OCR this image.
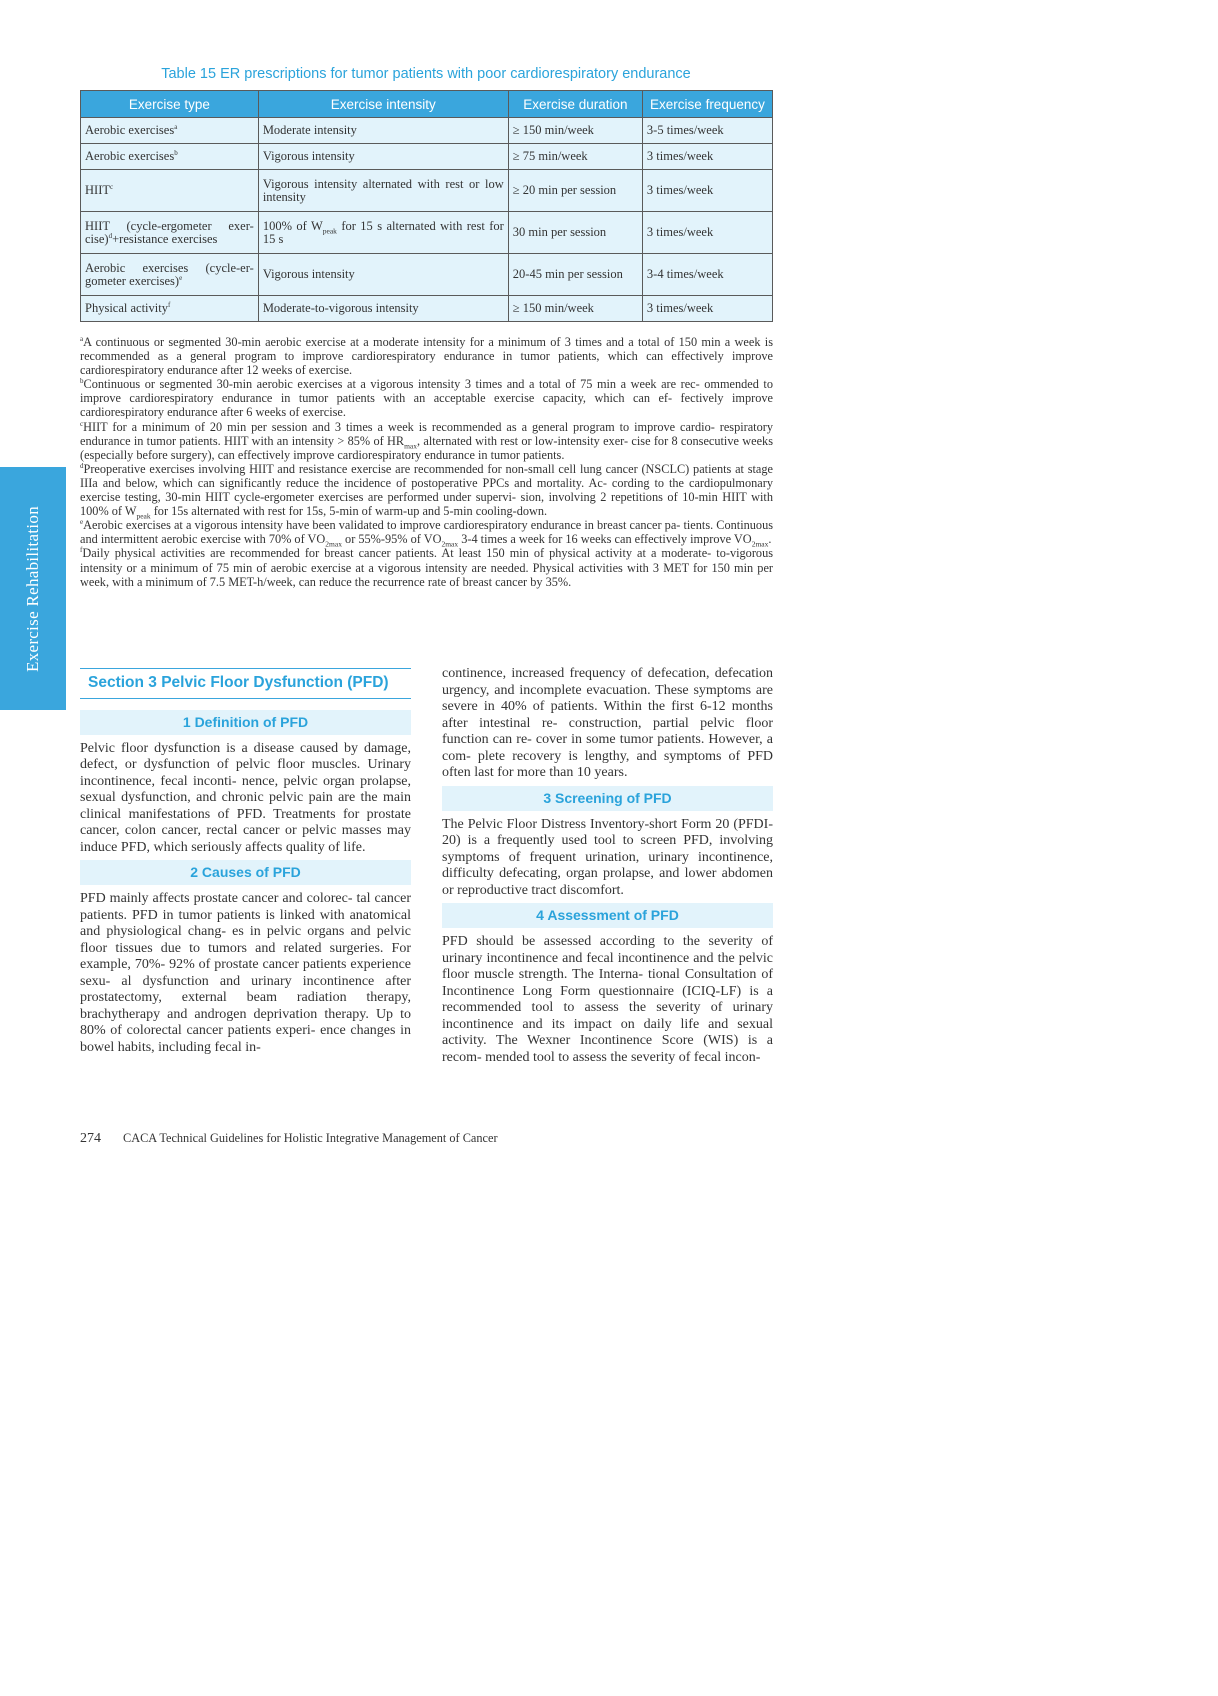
Exercise Rehabilitation
Table 15 ER prescriptions for tumor patients with poor cardiorespiratory endurance
Exercise type	Exercise intensity	Exercise duration	Exercise frequency
Aerobic exercises$^a$	Moderate intensity	≥ 150 min/week	3-5 times/week
Aerobic exercises$^b$	Vigorous intensity	≥ 75 min/week	3 times/week
HIIT$^c$	Vigorous intensity alternated with rest or low intensity	≥ 20 min per session	3 times/week
HIIT (cycle-ergometer exer- cise)$^d$+resistance exercises	100% of $W_{peak}$ for 15 s alternated with rest for 15 s	30 min per session	3 times/week
Aerobic exercises (cycle-er- gometer exercises)$^e$	Vigorous intensity	20-45 min per session	3-4 times/week
Physical activity$^f$	Moderate-to-vigorous intensity	≥ 150 min/week	3 times/week

$^a$A continuous or segmented 30-min aerobic exercise at a moderate intensity for a minimum of 3 times and a total of 150 min a week is recommended as a general program to improve cardiorespiratory endurance in tumor patients, which can effectively improve cardiorespiratory endurance after 12 weeks of exercise.

$^b$Continuous or segmented 30-min aerobic exercises at a vigorous intensity 3 times and a total of 75 min a week are rec- ommended to improve cardiorespiratory endurance in tumor patients with an acceptable exercise capacity, which can ef- fectively improve cardiorespiratory endurance after 6 weeks of exercise.

$^c$HIIT for a minimum of 20 min per session and 3 times a week is recommended as a general program to improve cardio- respiratory endurance in tumor patients. HIIT with an intensity > 85% of $HR_{max}$, alternated with rest or low-intensity exer- cise for 8 consecutive weeks (especially before surgery), can effectively improve cardiorespiratory endurance in tumor patients.

$^d$Preoperative exercises involving HIIT and resistance exercise are recommended for non-small cell lung cancer (NSCLC) patients at stage IIIa and below, which can significantly reduce the incidence of postoperative PPCs and mortality. Ac- cording to the cardiopulmonary exercise testing, 30-min HIIT cycle-ergometer exercises are performed under supervi- sion, involving 2 repetitions of 10-min HIIT with 100% of $W_{peak}$ for 15s alternated with rest for 15s, 5-min of warm-up and 5-min cooling-down.

$^e$Aerobic exercises at a vigorous intensity have been validated to improve cardiorespiratory endurance in breast cancer pa- tients. Continuous and intermittent aerobic exercise with 70% of $VO_{2max}$ or 55%-95% of $VO_{2max}$ 3-4 times a week for 16 weeks can effectively improve $VO_{2max}$.

$^f$Daily physical activities are recommended for breast cancer patients. At least 150 min of physical activity at a moderate- to-vigorous intensity or a minimum of 75 min of aerobic exercise at a vigorous intensity are needed. Physical activities with 3 MET for 150 min per week, with a minimum of 7.5 MET-h/week, can reduce the recurrence rate of breast cancer by 35%.

Section 3 Pelvic Floor Dysfunction (PFD)
1 Definition of PFD

Pelvic floor dysfunction is a disease caused by damage, defect, or dysfunction of pelvic floor muscles. Urinary incontinence, fecal inconti- nence, pelvic organ prolapse, sexual dysfunction, and chronic pelvic pain are the main clinical manifestations of PFD. Treatments for prostate cancer, colon cancer, rectal cancer or pelvic masses may induce PFD, which seriously affects quality of life.

2 Causes of PFD

PFD mainly affects prostate cancer and colorec- tal cancer patients. PFD in tumor patients is linked with anatomical and physiological chang- es in pelvic organs and pelvic floor tissues due to tumors and related surgeries. For example, 70%- 92% of prostate cancer patients experience sexu- al dysfunction and urinary incontinence after prostatectomy, external beam radiation therapy, brachytherapy and androgen deprivation therapy. Up to 80% of colorectal cancer patients experi- ence changes in bowel habits, including fecal in-

continence, increased frequency of defecation, defecation urgency, and incomplete evacuation. These symptoms are severe in 40% of patients. Within the first 6-12 months after intestinal re- construction, partial pelvic floor function can re- cover in some tumor patients. However, a com- plete recovery is lengthy, and symptoms of PFD often last for more than 10 years.

3 Screening of PFD

The Pelvic Floor Distress Inventory-short Form 20 (PFDI-20) is a frequently used tool to screen PFD, involving symptoms of frequent urination, urinary incontinence, difficulty defecating, organ prolapse, and lower abdomen or reproductive tract discomfort.

4 Assessment of PFD

PFD should be assessed according to the severity of urinary incontinence and fecal incontinence and the pelvic floor muscle strength. The Interna- tional Consultation of Incontinence Long Form questionnaire (ICIQ-LF) is a recommended tool to assess the severity of urinary incontinence and its impact on daily life and sexual activity. The Wexner Incontinence Score (WIS) is a recom- mended tool to assess the severity of fecal incon-

274 CACA Technical Guidelines for Holistic Integrative Management of Cancer
